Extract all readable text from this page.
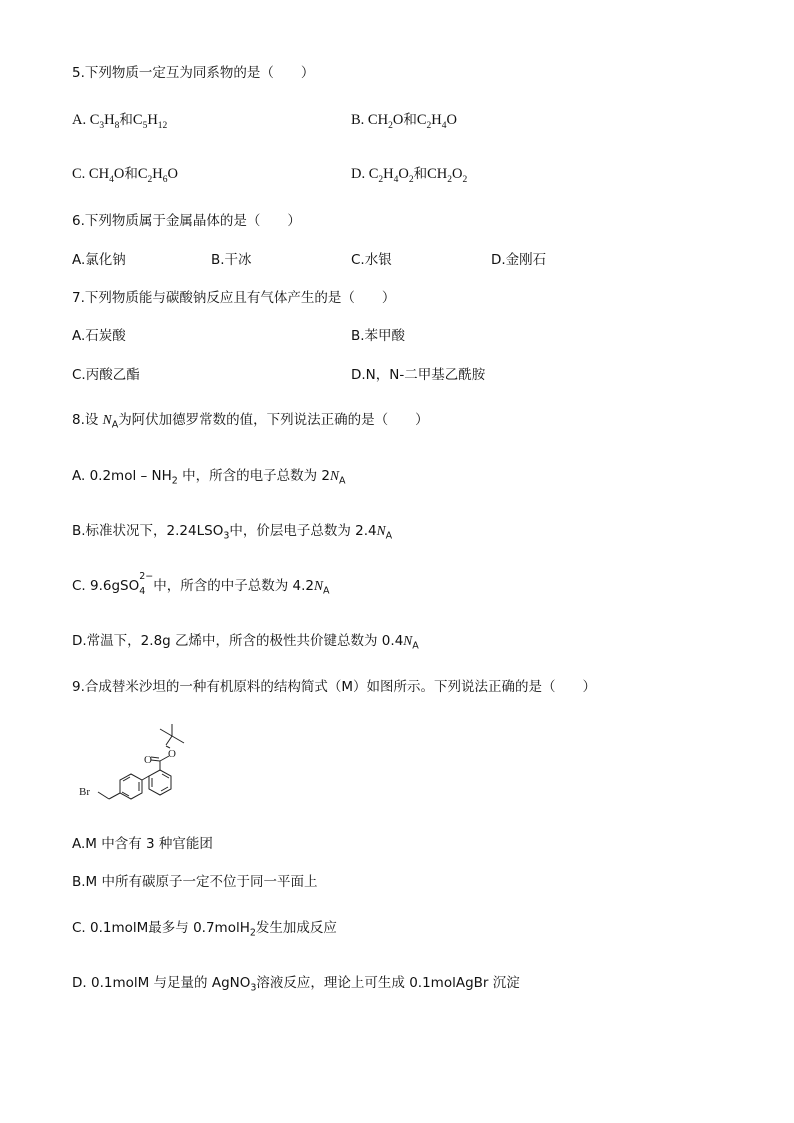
5.下列物质一定互为同系物的是（　　）
A. $C_3H_8$和$C_5H_{12}$	B. $CH_2O$和$C_2H_4O$
C. $CH_4O$和$C_2H_6O$	D. $C_2H_4O_2$和$CH_2O_2$
6.下列物质属于金属晶体的是（　　）
A.氯化钠	B.干冰	C.水银	D.金刚石
7.下列物质能与碳酸钠反应且有气体产生的是（　　）
A.石炭酸	B.苯甲酸
C.丙酸乙酯	D.N，N-二甲基乙酰胺
8.设 $N_A$为阿伏加德罗常数的值，下列说法正确的是（　　）
A. $0.2mol - NH_2$ 中，所含的电子总数为 $2N_A$
B.标准状况下，$2.24LSO_3$中，价层电子总数为 $2.4N_A$
C. 9.6gSO
2−
4 中，所含的中子总数为 $4.2N_A$
D.常温下，2.8g 乙烯中，所含的极性共价键总数为 $0.4N_A$
9.合成替米沙坦的一种有机原料的结构简式（M）如图所示。下列说法正确的是（　　）
O
O
Br
A.M 中含有 3 种官能团
B.M 中所有碳原子一定不位于同一平面上
C. 0.1molM最多与 0.7molH$_2$发生加成反应
D. 0.1molM 与足量的 AgNO$_3$溶液反应，理论上可生成 0.1molAgBr 沉淀
